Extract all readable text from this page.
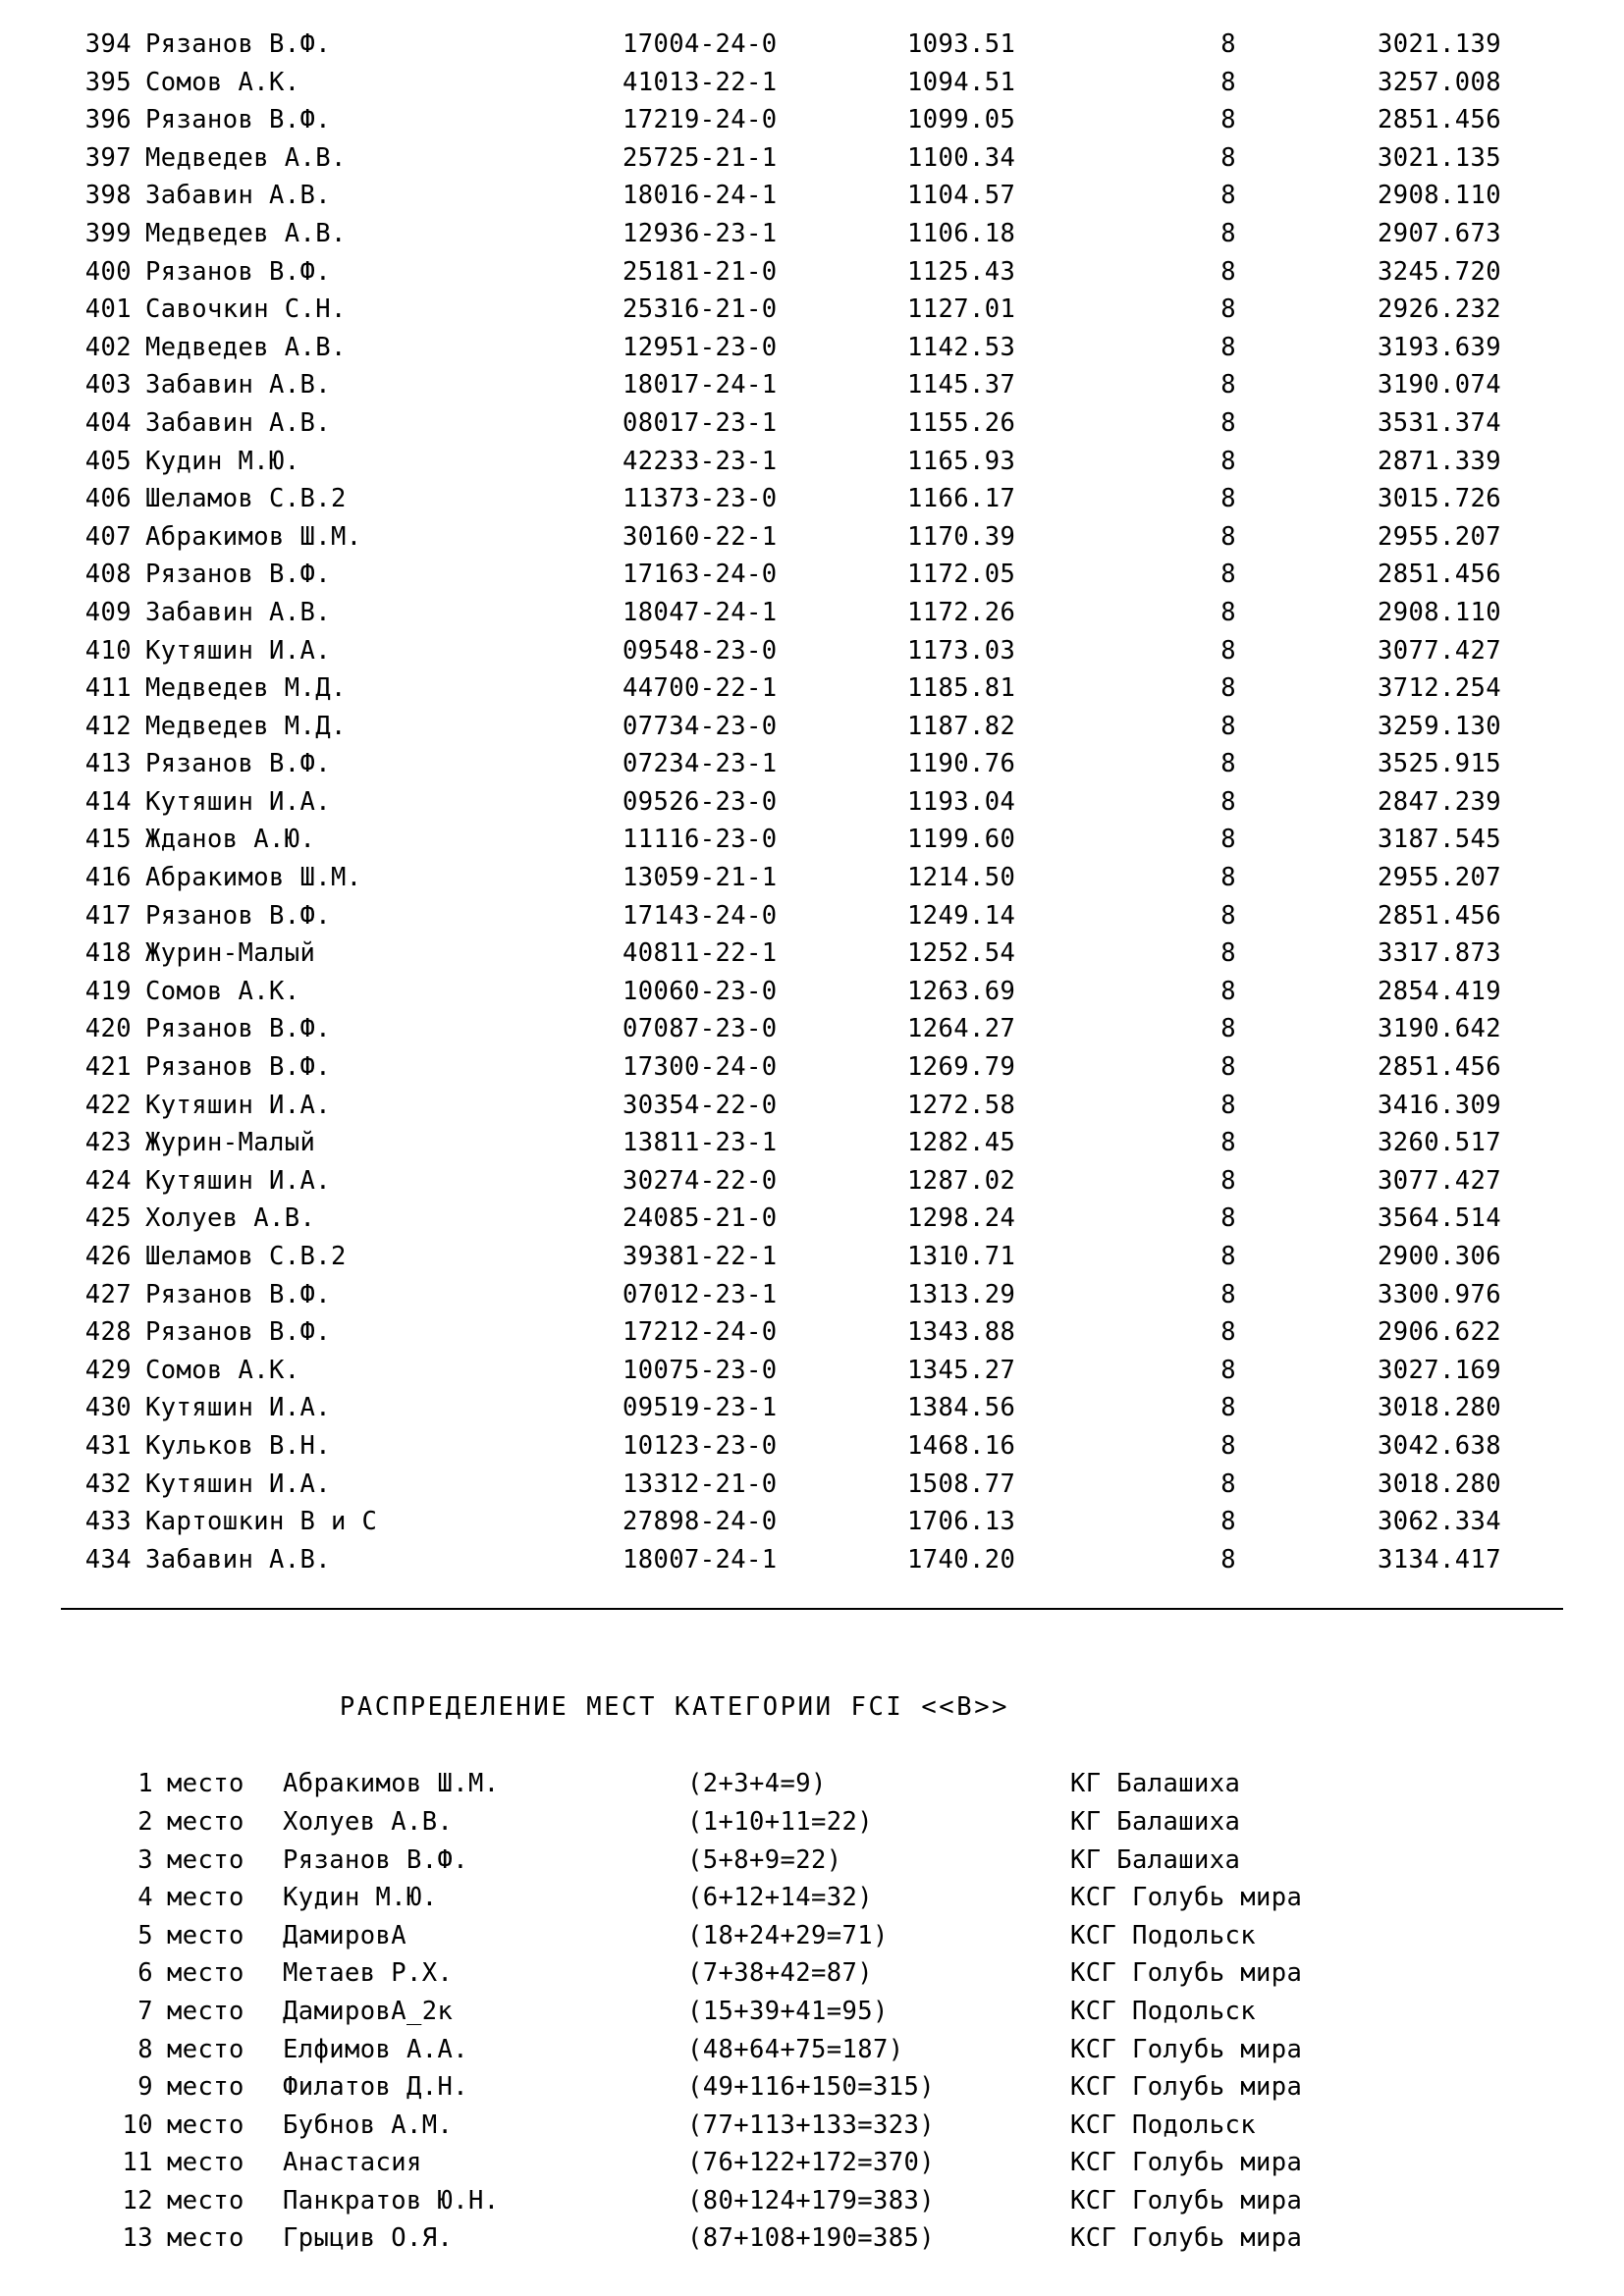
394	Рязанов В.Ф.	17004-24-0	1093.51	8	3021.139
395	Сомов А.К.	41013-22-1	1094.51	8	3257.008
396	Рязанов В.Ф.	17219-24-0	1099.05	8	2851.456
397	Медведев А.В.	25725-21-1	1100.34	8	3021.135
398	Забавин А.В.	18016-24-1	1104.57	8	2908.110
399	Медведев А.В.	12936-23-1	1106.18	8	2907.673
400	Рязанов В.Ф.	25181-21-0	1125.43	8	3245.720
401	Савочкин С.Н.	25316-21-0	1127.01	8	2926.232
402	Медведев А.В.	12951-23-0	1142.53	8	3193.639
403	Забавин А.В.	18017-24-1	1145.37	8	3190.074
404	Забавин А.В.	08017-23-1	1155.26	8	3531.374
405	Кудин М.Ю.	42233-23-1	1165.93	8	2871.339
406	Шеламов С.В.2	11373-23-0	1166.17	8	3015.726
407	Абракимов Ш.М.	30160-22-1	1170.39	8	2955.207
408	Рязанов В.Ф.	17163-24-0	1172.05	8	2851.456
409	Забавин А.В.	18047-24-1	1172.26	8	2908.110
410	Кутяшин И.А.	09548-23-0	1173.03	8	3077.427
411	Медведев М.Д.	44700-22-1	1185.81	8	3712.254
412	Медведев М.Д.	07734-23-0	1187.82	8	3259.130
413	Рязанов В.Ф.	07234-23-1	1190.76	8	3525.915
414	Кутяшин И.А.	09526-23-0	1193.04	8	2847.239
415	Жданов А.Ю.	11116-23-0	1199.60	8	3187.545
416	Абракимов Ш.М.	13059-21-1	1214.50	8	2955.207
417	Рязанов В.Ф.	17143-24-0	1249.14	8	2851.456
418	Журин-Малый	40811-22-1	1252.54	8	3317.873
419	Сомов А.К.	10060-23-0	1263.69	8	2854.419
420	Рязанов В.Ф.	07087-23-0	1264.27	8	3190.642
421	Рязанов В.Ф.	17300-24-0	1269.79	8	2851.456
422	Кутяшин И.А.	30354-22-0	1272.58	8	3416.309
423	Журин-Малый	13811-23-1	1282.45	8	3260.517
424	Кутяшин И.А.	30274-22-0	1287.02	8	3077.427
425	Холуев А.В.	24085-21-0	1298.24	8	3564.514
426	Шеламов С.В.2	39381-22-1	1310.71	8	2900.306
427	Рязанов В.Ф.	07012-23-1	1313.29	8	3300.976
428	Рязанов В.Ф.	17212-24-0	1343.88	8	2906.622
429	Сомов А.К.	10075-23-0	1345.27	8	3027.169
430	Кутяшин И.А.	09519-23-1	1384.56	8	3018.280
431	Кульков В.Н.	10123-23-0	1468.16	8	3042.638
432	Кутяшин И.А.	13312-21-0	1508.77	8	3018.280
433	Картошкин В и С	27898-24-0	1706.13	8	3062.334
434	Забавин А.В.	18007-24-1	1740.20	8	3134.417
РАСПРЕДЕЛЕНИЕ МЕСТ КАТЕГОРИИ FCI <<B>>
1	место	Абракимов Ш.М.	(2+3+4=9)	КГ Балашиха
2	место	Холуев А.В.	(1+10+11=22)	КГ Балашиха
3	место	Рязанов В.Ф.	(5+8+9=22)	КГ Балашиха
4	место	Кудин М.Ю.	(6+12+14=32)	КСГ Голубь мира
5	место	ДамировА	(18+24+29=71)	КСГ Подольск
6	место	Метаев Р.Х.	(7+38+42=87)	КСГ Голубь мира
7	место	ДамировА_2к	(15+39+41=95)	КСГ Подольск
8	место	Елфимов А.А.	(48+64+75=187)	КСГ Голубь мира
9	место	Филатов Д.Н.	(49+116+150=315)	КСГ Голубь мира
10	место	Бубнов А.М.	(77+113+133=323)	КСГ Подольск
11	место	Анастасия	(76+122+172=370)	КСГ Голубь мира
12	место	Панкратов Ю.Н.	(80+124+179=383)	КСГ Голубь мира
13	место	Грыцив О.Я.	(87+108+190=385)	КСГ Голубь мира
